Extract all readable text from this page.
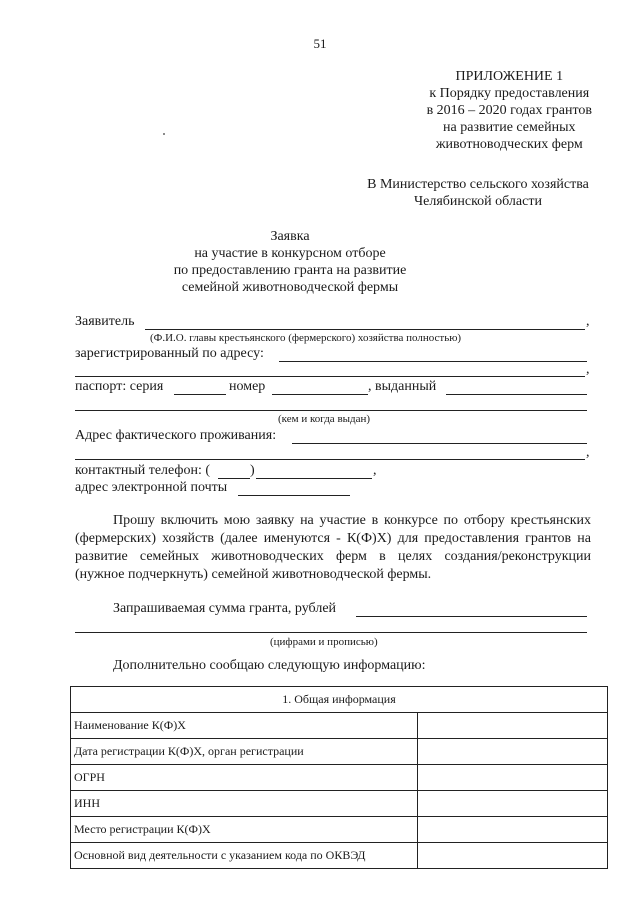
51
ПРИЛОЖЕНИЕ 1
к Порядку предоставления
в 2016 – 2020 годах грантов
на развитие семейных
животноводческих ферм
В Министерство сельского хозяйства
Челябинской области
Заявка
на участие в конкурсном отборе
по предоставлению гранта на развитие
семейной животноводческой фермы
Заявитель	,
(Ф.И.О. главы крестьянского (фермерского) хозяйства полностью)
зарегистрированный по адресу:
,
паспорт: серия	номер	, выданный
(кем и когда выдан)
Адрес фактического проживания:
,
контактный телефон: (	)	,
адрес электронной почты
Прошу включить мою заявку на участие в конкурсе по отбору крестьянских (фермерских) хозяйств (далее именуются - К(Ф)Х) для предоставления грантов на развитие семейных животноводческих ферм в целях создания/реконструкции (нужное подчеркнуть) семейной животноводческой фермы.
Запрашиваемая сумма гранта, рублей
(цифрами и прописью)
Дополнительно сообщаю следующую информацию:
1. Общая информация	
Наименование К(Ф)Х	
Дата регистрации К(Ф)Х, орган регистрации	
ОГРН	
ИНН	
Место регистрации К(Ф)Х	
Основной вид деятельности с указанием кода по ОКВЭД	
